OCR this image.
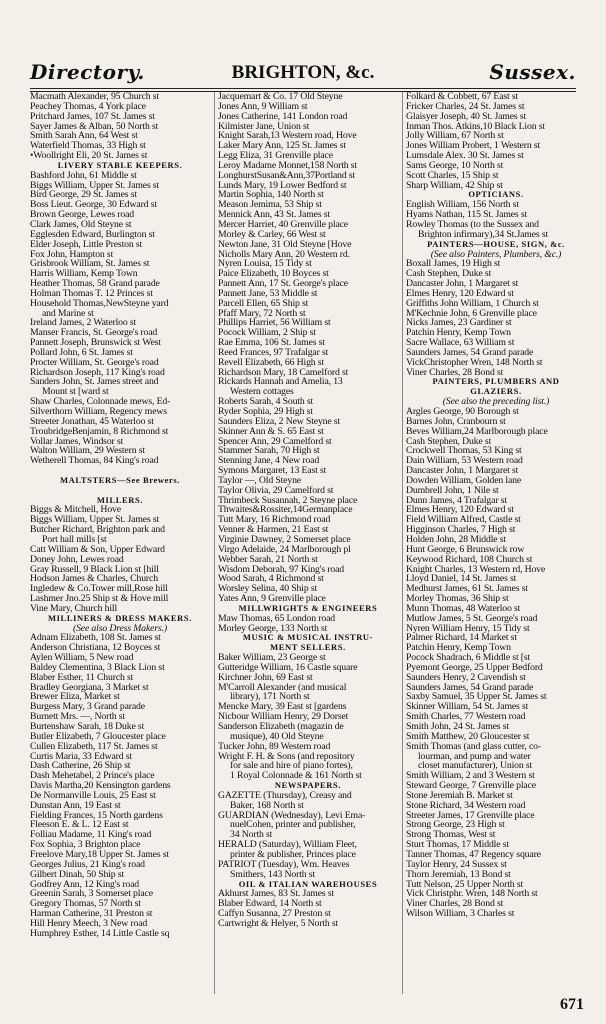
Directory.	BRIGHTON, &c.	Sussex.
Macmath Alexander, 95 Church st
Peachey Thomas, 4 York place
Pritchard James, 107 St. James st
Sayer James & Alban, 50 North st
Smith Sarah Ann, 64 West st
Waterfield Thomas, 33 High st
•Woollright Eli, 20 St. James st
LIVERY STABLE KEEPERS.
Bashford John, 61 Middle st
Biggs William, Upper St. James st
Bird George, 29 St. James st
Boss Lieut. George, 30 Edward st
Brown George, Lewes road
Clark James, Old Steyne st
Egglesden Edward, Burlington st
Elder Joseph, Little Preston st
Fox John, Hampton st
Grisbrook William, St. James st
Harris William, Kemp Town
Heather Thomas, 58 Grand parade
Holman Thomas T. 12 Princes st
Household Thomas,NewSteyne yard
and Marine st
Ireland James, 2 Waterloo st
Manser Francis, St. George's road
Pannett Joseph, Brunswick st West
Pollard John, 6 St. James st
Procter William, St. George's road
Richardson Joseph, 117 King's road
Sanders John, St. James street and
Mount st [ward st
Shaw Charles, Colonnade mews, Ed-
Silverthorn William, Regency mews
Streeter Jonathan, 45 Waterloo st
TroubridgeBenjamin, 8 Richmond st
Vollar James, Windsor st
Walton William, 29 Western st
Wetherell Thomas, 84 King's road

MALTSTERS—See Brewers.

MILLERS.
Biggs & Mitchell, Hove
Biggs William, Upper St. James st
Butcher Richard, Brighton park and
Port hall mills [st
Catt William & Son, Upper Edward
Doney John, Lewes road
Gray Russell, 9 Black Lion st [hill
Hodson James & Charles, Church
Ingledew & Co.Tower mill,Rose hill
Lashmer Jno.25 Ship st & Hove mill
Vine Mary, Church hill
MILLINERS & DRESS MAKERS.
(See also Dress Makers.)
Adnam Elizabeth, 108 St. James st
Anderson Christiana, 12 Boyces st
Aylen William, 5 New road
Baldey Clementina, 3 Black Lion st
Blaber Esther, 11 Church st
Bradley Georgiana, 3 Market st
Brewer Eliza, Market st
Burgess Mary, 3 Grand parade
Burnett Mrs. —, North st
Burtenshaw Sarah, 18 Duke st
Butler Elizabeth, 7 Gloucester place
Cullen Elizabeth, 117 St. James st
Curtis Maria, 33 Edward st
Dash Catherine, 26 Ship st
Dash Mehetabel, 2 Prince's place
Davis Martha,20 Kensington gardens
De Normanville Louis, 25 East st
Dunstan Ann, 19 East st
Fielding Frances, 15 North gardens
Fleeson E. & L. 12 East st
Folliau Madame, 11 King's road
Fox Sophia, 3 Brighton place
Freelove Mary,18 Upper St. James st
Georges Julius, 21 King's road
Gilbert Dinah, 50 Ship st
Godfrey Ann, 12 King's road
Greenin Sarah, 3 Somerset place
Gregory Thomas, 57 North st
Harman Catherine, 31 Preston st
Hill Henry Meech, 3 New road
Humphrey Esther, 14 Little Castle sq
Jacquemart & Co. 17 Old Steyne
Jones Ann, 9 William st
Jones Catherine, 141 London road
Kilmister Jane, Union st
Knight Sarah,13 Western road, Hove
Laker Mary Ann, 125 St. James st
Legg Eliza, 31 Grenville place
Leroy Madame Monnet,158 North st
LonghurstSusan&Ann,37Portland st
Lunds Mary, 19 Lower Bedford st
Martin Sophia, 140 North st
Meason Jemima, 53 Ship st
Mennick Ann, 43 St. James st
Mercer Harriet, 40 Grenville place
Morley & Carley, 66 West st
Newton Jane, 31 Old Steyne [Hove
Nicholls Mary Ann, 20 Western rd.
Nyren Louisa, 15 Tidy st
Paice Elizabeth, 10 Boyces st
Pannett Ann, 17 St. George's place
Pannett Jane, 53 Middle st
Parcell Ellen, 65 Ship st
Pfaff Mary, 72 North st
Phillips Harriet, 56 William st
Pocock William, 2 Ship st
Rae Emma, 106 St. James st
Reed Frances, 97 Trafalgar st
Revell Elizabeth, 66 High st
Richardson Mary, 18 Camelford st
Rickards Hannah and Amelia, 13
Western cottages
Roberts Sarah, 4 South st
Ryder Sophia, 29 High st
Saunders Eliza, 2 New Steyne st
Skinner Ann & S. 65 East st
Spencer Ann, 29 Camelford st
Stammer Sarah, 70 High st
Stenning Jane, 4 New road
Symons Margaret, 13 East st
Taylor —, Old Steyne
Taylor Olivia, 29 Camelford st
Thrimbeck Susannah, 2 Steyne place
Thwaites&Rossiter,14Germanplace
Tutt Mary, 16 Richmond road
Venner & Harmen, 21 East st
Virginie Dawney, 2 Somerset place
Virgo Adelaide, 24 Marlborough pl
Webber Sarah, 21 North st
Wisdom Deborah, 97 King's road
Wood Sarah, 4 Richmond st
Worsley Selina, 40 Ship st
Yates Ann, 9 Grenville place
MILLWRIGHTS & ENGINEERS
Maw Thomas, 65 London road
Morley George, 133 North st
MUSIC & MUSICAL INSTRU-
MENT SELLERS.
Baker William, 23 George st
Gutteridge William, 16 Castle square
Kirchner John, 69 East st
M'Carroll Alexander (and musical
library), 171 North st
Mencke Mary, 39 East st [gardens
Nicbour William Henry, 29 Dorset
Sanderson Elizabeth (magazin de
musique), 40 Old Steyne
Tucker John, 89 Western road
Wright F. H. & Sons (and repository
for sale and hire of piano fortes),
1 Royal Colonnade & 161 North st
NEWSPAPERS.
GAZETTE (Thursday), Creasy and
Baker, 168 North st
GUARDIAN (Wednesday), Levi Ema-
nuelCohen, printer and publisher,
34 North st
HERALD (Saturday), William Fleet,
printer & publisher, Princes place
PATRIOT (Tuesday), Wm. Heaves
Smithers, 143 North st
OIL & ITALIAN WAREHOUSES
Akhurst James, 83 St. James st
Blaber Edward, 14 North st
Caffyn Susanna, 27 Preston st
Cartwright & Helyer, 5 North st
Folkard & Cobbett, 67 East st
Fricker Charles, 24 St. James st
Glaisyer Joseph, 40 St. James st
Inman Thos. Atkins,10 Black Lion st
Jolly William, 67 North st
Jones William Probert, 1 Western st
Lumsdale Alex. 30 St. James st
Sams George, 10 North st
Scott Charles, 15 Ship st
Sharp William, 42 Ship st
OPTICIANS.
English William, 156 North st
Hyams Nathan, 115 St. James st
Rowley Thomas (to the Sussex and
Brighton infirmary),34 St.James st
PAINTERS—HOUSE, SIGN, &c.
(See also Painters, Plumbers, &c.)
Boxall James, 19 High st
Cash Stephen, Duke st
Dancaster John, 1 Margaret st
Elmes Henry, 120 Edward st
Griffiths John William, 1 Church st
M'Kechnie John, 6 Grenville place
Nicks James, 23 Gardiner st
Patchin Henry, Kemp Town
Sacre Wallace, 63 William st
Saunders James, 54 Grand parade
VickChristopher Wren, 148 North st
Viner Charles, 28 Bond st
PAINTERS, PLUMBERS AND
GLAZIERS.
(See also the preceding list.)
Argles George, 90 Borough st
Barnes John, Cranbourn st
Beves William,24 Marlborough place
Cash Stephen, Duke st
Crockwell Thomas, 53 King st
Dain William, 53 Western road
Dancaster John, 1 Margaret st
Dowden William, Golden lane
Dumbrell John, 1 Nile st
Dunn James, 4 Trafalgar st
Elmes Henry, 120 Edward st
Field William Alfred, Castle st
Higginson Charles, 7 High st
Holden John, 28 Middle st
Hunt George, 6 Brunswick row
Keywood Richard, 108 Church st
Knight Charles, 13 Western rd, Hove
Lloyd Daniel, 14 St. James st
Medhurst James, 61 St. James st
Morley Thomas, 36 Ship st
Munn Thomas, 48 Waterloo st
Mutlow James, 5 St. George's road
Nyren William Henry, 15 Tidy st
Palmer Richard, 14 Market st
Patchin Henry, Kemp Town
Pocock Shadrach, 6 Middle st [st
Pyemont George, 25 Upper Bedford
Saunders Henry, 2 Cavendish st
Saunders James, 54 Grand parade
Saxby Samuel, 35 Upper St. James st
Skinner William, 54 St. James st
Smith Charles, 77 Western road
Smith John, 24 St. James st
Smith Matthew, 20 Gloucester st
Smith Thomas (and glass cutter, co-
lourman, and pump and water
closet manufacturer), Union st
Smith William, 2 and 3 Western st
Steward George, 7 Grenville place
Stone Jeremiah B. Market st
Stone Richard, 34 Western road
Streeter James, 17 Grenville place
Strong George, 23 High st
Strong Thomas, West st
Sturt Thomas, 17 Middle st
Tanner Thomas, 47 Regency square
Taylor Henry, 24 Sussex st
Thorn Jeremiah, 13 Bond st
Tutt Nelson, 25 Upper North st
Vick Christphr. Wren, 148 North st
Viner Charles, 28 Bond st
Wilson William, 3 Charles st
671
